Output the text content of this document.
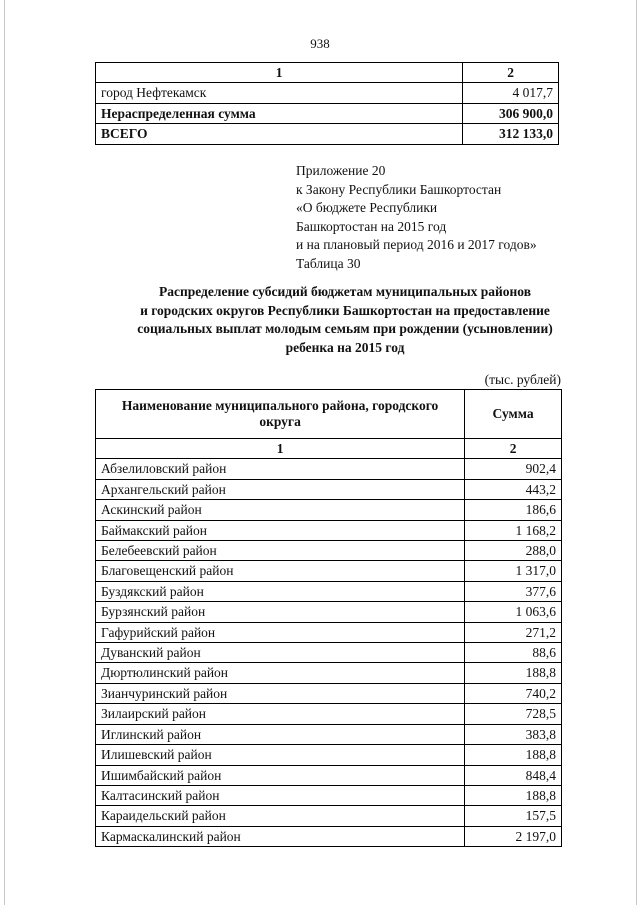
938
1	2
город Нефтекамск	4 017,7
Нераспределенная сумма	306 900,0
ВСЕГО	312 133,0
Приложение 20
к Закону Республики Башкортостан
«О бюджете Республики
Башкортостан на 2015 год
и на плановый период 2016 и 2017 годов»
Таблица 30
Распределение субсидий бюджетам муниципальных районов
и городских округов Республики Башкортостан на предоставление
социальных выплат молодым семьям при рождении (усыновлении)
ребенка на 2015 год
(тыс. рублей)
Наименование муниципального района, городского округа	Сумма
1	2
Абзелиловский район	902,4
Архангельский район	443,2
Аскинский район	186,6
Баймакский район	1 168,2
Белебеевский район	288,0
Благовещенский район	1 317,0
Буздякский район	377,6
Бурзянский район	1 063,6
Гафурийский район	271,2
Дуванский район	88,6
Дюртюлинский район	188,8
Зианчуринский район	740,2
Зилаирский район	728,5
Иглинский район	383,8
Илишевский район	188,8
Ишимбайский район	848,4
Калтасинский район	188,8
Караидельский район	157,5
Кармаскалинский район	2 197,0
